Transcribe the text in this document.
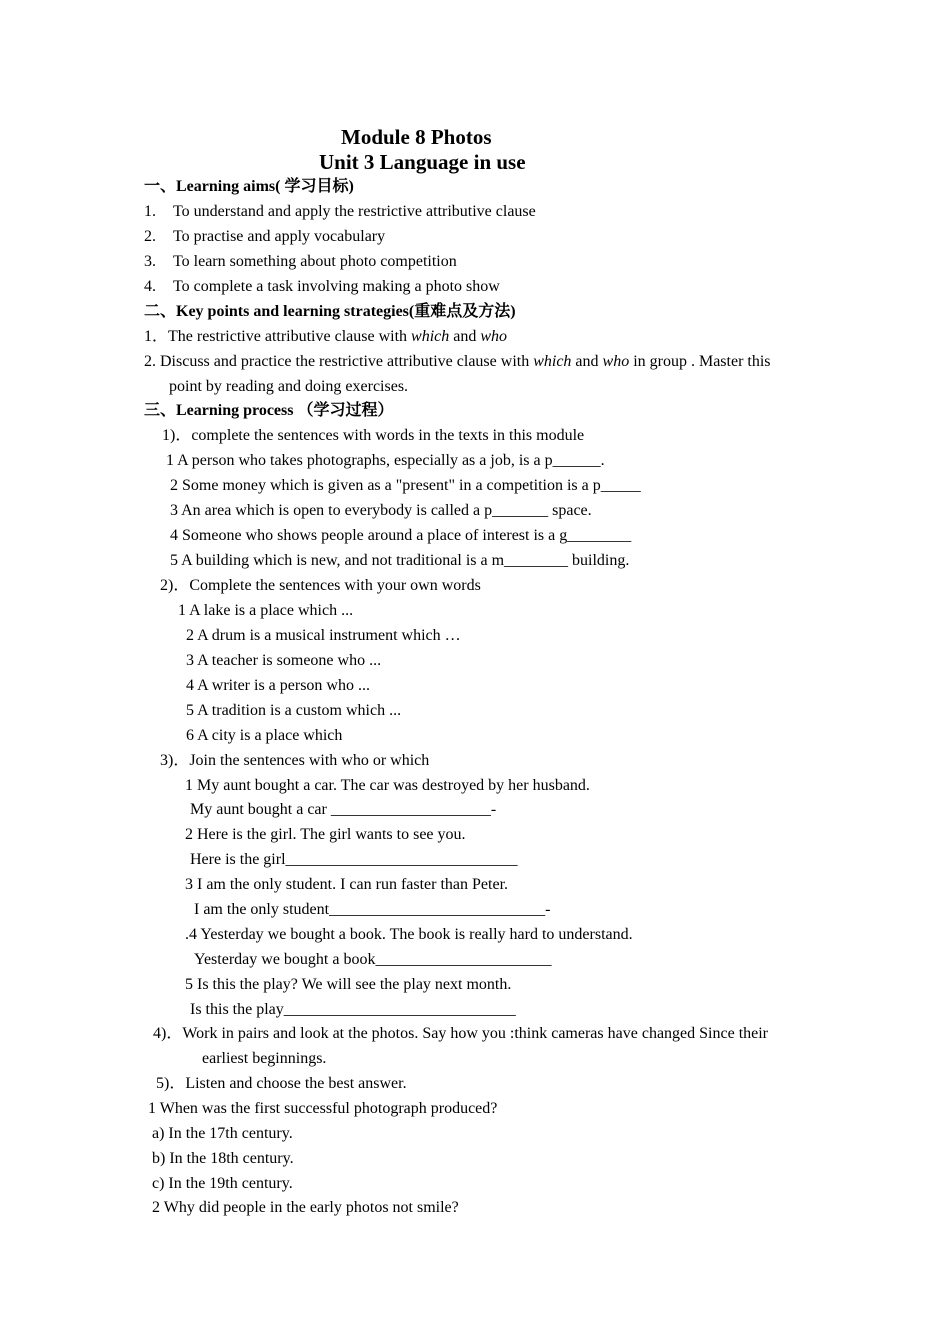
Module 8 Photos
Unit 3 Language in use
一、Learning aims( 学习目标)
1. To understand and apply the restrictive attributive clause
2. To practise and apply vocabulary
3. To learn something about photo competition
4. To complete a task involving making a photo show
二、Key points and learning strategies(重难点及方法)
1．The restrictive attributive clause with which and who
2. Discuss and practice the restrictive attributive clause with which and who in group . Master this
point by reading and doing exercises.
三、Learning process （学习过程）
1)．complete the sentences with words in the texts in this module
1 A person who takes photographs, especially as a job, is a p______.
2 Some money which is given as a "present" in a competition is a p_____
3 An area which is open to everybody is called a p_______ space.
4 Someone who shows people around a place of interest is a g________
5 A building which is new, and not traditional is a m________ building.
2)．Complete the sentences with your own words
1 A lake is a place which ...
2 A drum is a musical instrument which …
3 A teacher is someone who ...
4 A writer is a person who ...
5 A tradition is a custom which ...
6 A city is a place which
3)．Join the sentences with who or which
1 My aunt bought a car. The car was destroyed by her husband.
My aunt bought a car ____________________-
2 Here is the girl. The girl wants to see you.
Here is the girl_____________________________
3 I am the only student. I can run faster than Peter.
I am the only student___________________________-
.4 Yesterday we bought a book. The book is really hard to understand.
Yesterday we bought a book______________________
5 Is this the play? We will see the play next month.
Is this the play_____________________________
4)．Work in pairs and look at the photos. Say how you :think cameras have changed Since their
earliest beginnings.
5)．Listen and choose the best answer.
1 When was the first successful photograph produced?
a) In the 17th century.
b) In the 18th century.
c) In the 19th century.
2 Why did people in the early photos not smile?
